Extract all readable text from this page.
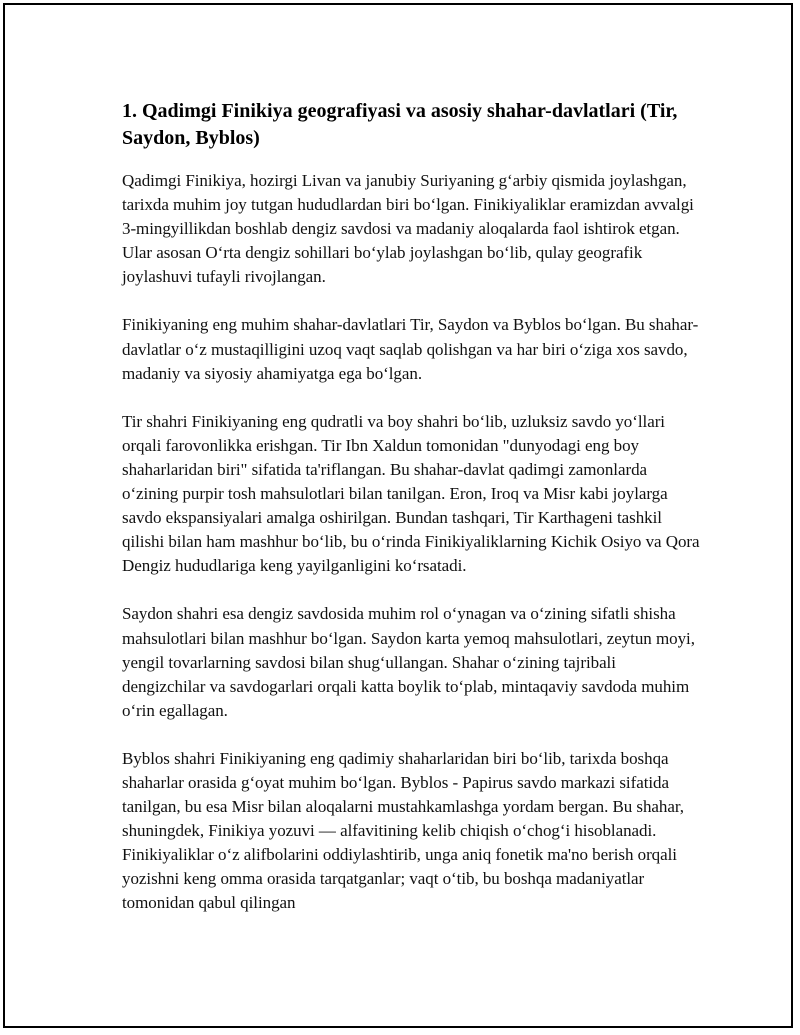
1. Qadimgi Finikiya geografiyasi va asosiy shahar-davlatlari (Tir, Saydon, Byblos)

Qadimgi Finikiya, hozirgi Livan va janubiy Suriyaning gʻarbiy qismida joylashgan, tarixda muhim joy tutgan hududlardan biri boʻlgan. Finikiyaliklar eramizdan avvalgi 3-mingyillikdan boshlab dengiz savdosi va madaniy aloqalarda faol ishtirok etgan. Ular asosan Oʻrta dengiz sohillari boʻylab joylashgan boʻlib, qulay geografik joylashuvi tufayli rivojlangan.

Finikiyaning eng muhim shahar-davlatlari Tir, Saydon va Byblos boʻlgan. Bu shahar-davlatlar oʻz mustaqilligini uzoq vaqt saqlab qolishgan va har biri oʻziga xos savdo, madaniy va siyosiy ahamiyatga ega boʻlgan.

Tir shahri Finikiyaning eng qudratli va boy shahri boʻlib, uzluksiz savdo yoʻllari orqali farovonlikka erishgan. Tir Ibn Xaldun tomonidan "dunyodagi eng boy shaharlaridan biri" sifatida ta'riflangan. Bu shahar-davlat qadimgi zamonlarda oʻzining purpir tosh mahsulotlari bilan tanilgan. Eron, Iroq va Misr kabi joylarga savdo ekspansiyalari amalga oshirilgan. Bundan tashqari, Tir Karthageni tashkil qilishi bilan ham mashhur boʻlib, bu oʻrinda Finikiyaliklarning Kichik Osiyo va Qora Dengiz hududlariga keng yayilganligini koʻrsatadi.

Saydon shahri esa dengiz savdosida muhim rol oʻynagan va oʻzining sifatli shisha mahsulotlari bilan mashhur boʻlgan. Saydon karta yemoq mahsulotlari, zeytun moyi, yengil tovarlarning savdosi bilan shugʻullangan. Shahar oʻzining tajribali dengizchilar va savdogarlari orqali katta boylik toʻplab, mintaqaviy savdoda muhim oʻrin egallagan.

Byblos shahri Finikiyaning eng qadimiy shaharlaridan biri boʻlib, tarixda boshqa shaharlar orasida gʻoyat muhim boʻlgan. Byblos - Papirus savdo markazi sifatida tanilgan, bu esa Misr bilan aloqalarni mustahkamlashga yordam bergan. Bu shahar, shuningdek, Finikiya yozuvi — alfavitining kelib chiqish oʻchogʻi hisoblanadi. Finikiyaliklar oʻz alifbolarini oddiylashtirib, unga aniq fonetik ma'no berish orqali yozishni keng omma orasida tarqatganlar; vaqt oʻtib, bu boshqa madaniyatlar tomonidan qabul qilingan
